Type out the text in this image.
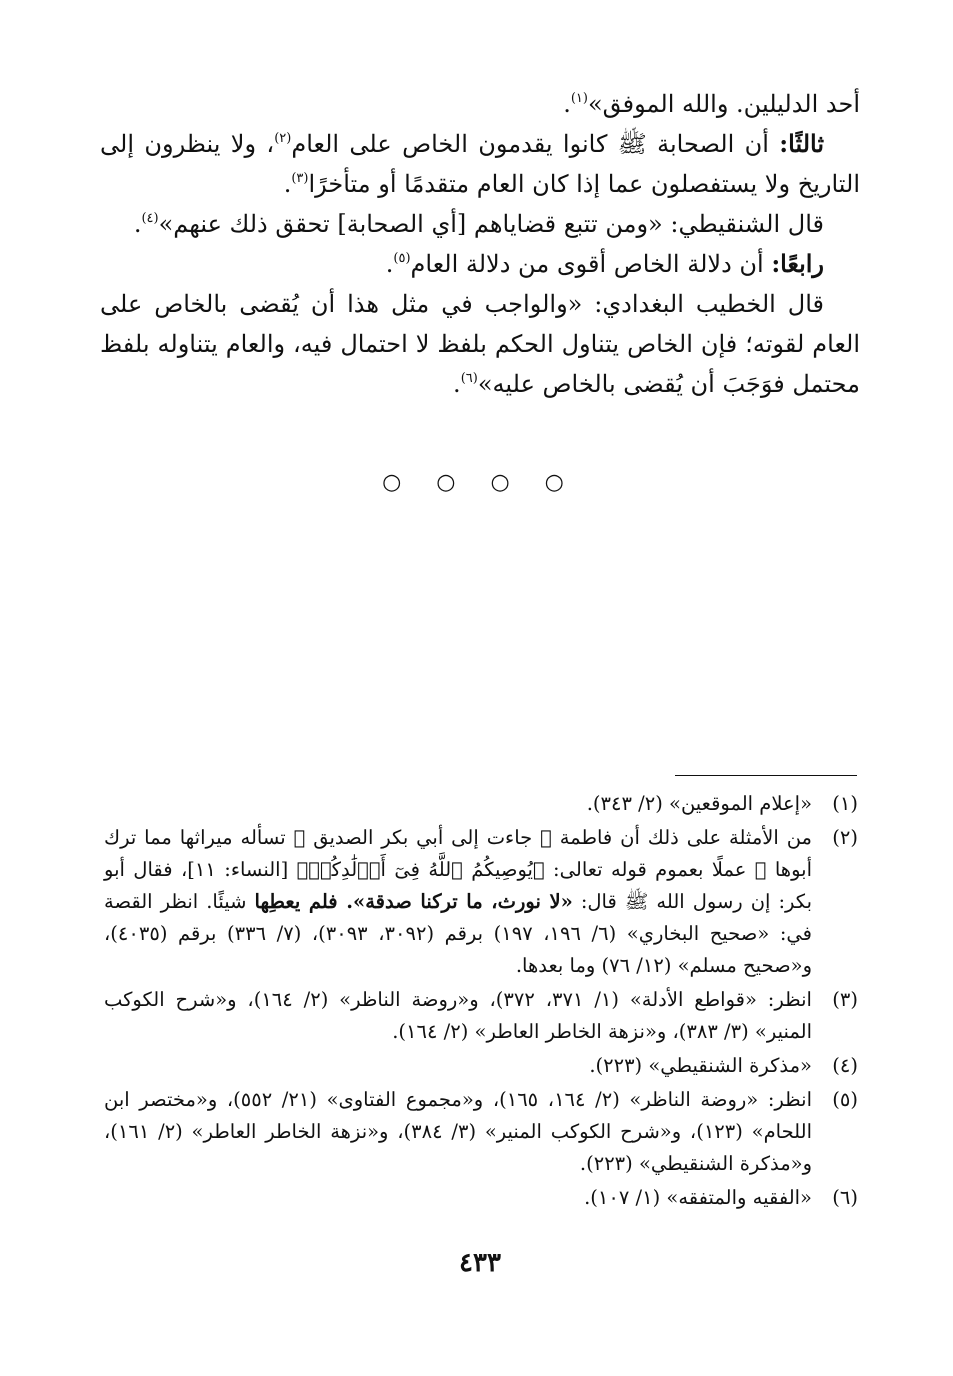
أحد الدليلين. والله الموفق»$^{(١)}$.

ثالثًا: أن الصحابة ﷺ كانوا يقدمون الخاص على العام$^{(٢)}$، ولا ينظرون إلى التاريخ ولا يستفصلون عما إذا كان العام متقدمًا أو متأخرًا$^{(٣)}$.

قال الشنقيطي: «ومن تتبع قضاياهم [أي الصحابة] تحقق ذلك عنهم»$^{(٤)}$.

رابعًا: أن دلالة الخاص أقوى من دلالة العام$^{(٥)}$.

قال الخطيب البغدادي: «والواجب في مثل هذا أن يُقضى بالخاص على العام لقوته؛ فإن الخاص يتناول الحكم بلفظ لا احتمال فيه، والعام يتناوله بلفظ محتمل فوَجَبَ أن يُقضى بالخاص عليه»$^{(٦)}$.

○ ○ ○ ○

(١)
«إعلام الموقعين» (٢/ ٣٤٣).

(٢)
من الأمثلة على ذلك أن فاطمة ﷺ جاءت إلى أبي بكر الصديق ﷺ تسأله ميراثها مما ترك أبوها ﷺ عملًا بعموم قوله تعالى: ﴿يُوصِيكُمُ ٱللَّهُ فِىٓ أَوۡلَٰدِكُمۡ﴾ [النساء: ١١]، فقال أبو بكر: إن رسول الله ﷺ قال: «لا نورث، ما تركنا صدقة». فلم يعطِها شيئًا. انظر القصة في: «صحيح البخاري» (٦/ ١٩٦، ١٩٧) برقم (٣٠٩٢، ٣٠٩٣)، (٧/ ٣٣٦) برقم (٤٠٣٥)، و«صحيح مسلم» (١٢/ ٧٦) وما بعدها.

(٣)
انظر: «قواطع الأدلة» (١/ ٣٧١، ٣٧٢)، و«روضة الناظر» (٢/ ١٦٤)، و«شرح الكوكب المنير» (٣/ ٣٨٣)، و«نزهة الخاطر العاطر» (٢/ ١٦٤).

(٤)
«مذكرة الشنقيطي» (٢٢٣).

(٥)
انظر: «روضة الناظر» (٢/ ١٦٤، ١٦٥)، و«مجموع الفتاوى» (٢١/ ٥٥٢)، و«مختصر ابن اللحام» (١٢٣)، و«شرح الكوكب المنير» (٣/ ٣٨٤)، و«نزهة الخاطر العاطر» (٢/ ١٦١)، و«مذكرة الشنقيطي» (٢٢٣).

(٦)
«الفقيه والمتفقه» (١/ ١٠٧).

٤٣٣
